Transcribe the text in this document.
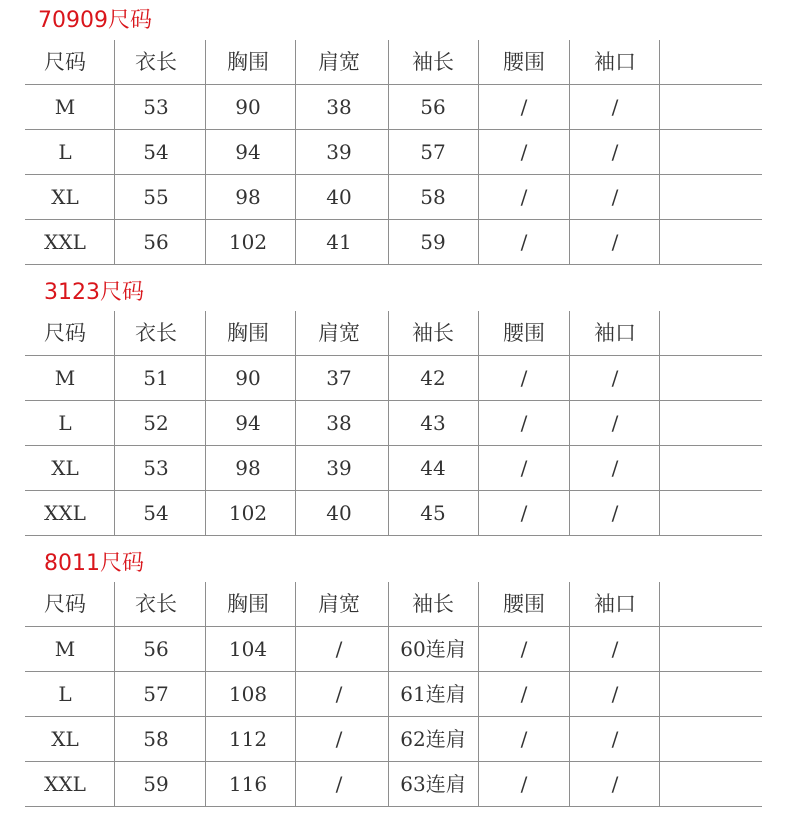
70909尺码
尺码	衣长	胸围	肩宽	袖长	腰围	袖口
M	53	90	38	56	/	/
L	54	94	39	57	/	/
XL	55	98	40	58	/	/
XXL	56	102	41	59	/	/
3123尺码
尺码	衣长	胸围	肩宽	袖长	腰围	袖口
M	51	90	37	42	/	/
L	52	94	38	43	/	/
XL	53	98	39	44	/	/
XXL	54	102	40	45	/	/
8011尺码
尺码	衣长	胸围	肩宽	袖长	腰围	袖口
M	56	104	/	60连肩	/	/
L	57	108	/	61连肩	/	/
XL	58	112	/	62连肩	/	/
XXL	59	116	/	63连肩	/	/
